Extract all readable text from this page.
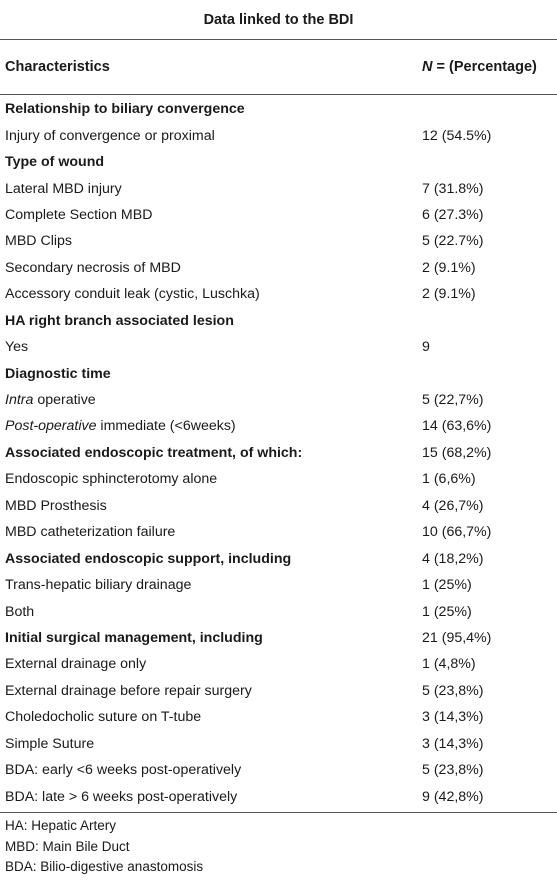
Data linked to the BDI
Characteristics	N = (Percentage)
Relationship to biliary convergence
Injury of convergence or proximal	12 (54.5%)
Type of wound
Lateral MBD injury	7 (31.8%)
Complete Section MBD	6 (27.3%)
MBD Clips	5 (22.7%)
Secondary necrosis of MBD	2 (9.1%)
Accessory conduit leak (cystic, Luschka)	2 (9.1%)
HA right branch associated lesion
Yes	9
Diagnostic time
Intra operative	5 (22,7%)
Post-operative immediate (<6weeks)	14 (63,6%)
Associated endoscopic treatment, of which:	15 (68,2%)
Endoscopic sphincterotomy alone	1 (6,6%)
MBD Prosthesis	4 (26,7%)
MBD catheterization failure	10 (66,7%)
Associated endoscopic support, including	4 (18,2%)
Trans-hepatic biliary drainage	1 (25%)
Both	1 (25%)
Initial surgical management, including	21 (95,4%)
External drainage only	1 (4,8%)
External drainage before repair surgery	5 (23,8%)
Choledocholic suture on T-tube	3 (14,3%)
Simple Suture	3 (14,3%)
BDA: early <6 weeks post-operatively	5 (23,8%)
BDA: late > 6 weeks post-operatively	9 (42,8%)
HA: Hepatic Artery
MBD: Main Bile Duct
BDA: Bilio-digestive anastomosis
